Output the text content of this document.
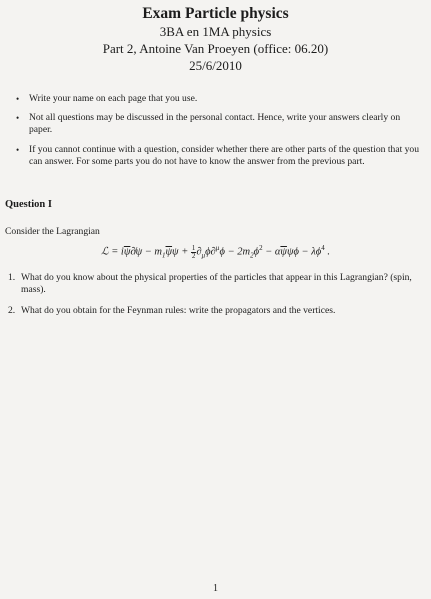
Exam Particle physics
3BA en 1MA physics
Part 2, Antoine Van Proeyen (office: 06.20)
25/6/2010
• Write your name on each page that you use.
• Not all questions may be discussed in the personal contact. Hence, write your answers clearly on paper.
• If you cannot continue with a question, consider whether there are other parts of the question that you can answer. For some parts you do not have to know the answer from the previous part.
Question I
Consider the Lagrangian
ℒ = $i\overline{\psi}\partial̸\psi - m_1\overline{\psi}\psi + \frac{1}{2} \partial_\mu\phi\partial^\mu\phi - 2m_2\phi^2 - \alpha\overline{\psi}\psi\phi - \lambda\phi^4$ .
1. What do you know about the physical properties of the particles that appear in this Lagrangian? (spin, mass).
2. What do you obtain for the Feynman rules: write the propagators and the vertices.
1
